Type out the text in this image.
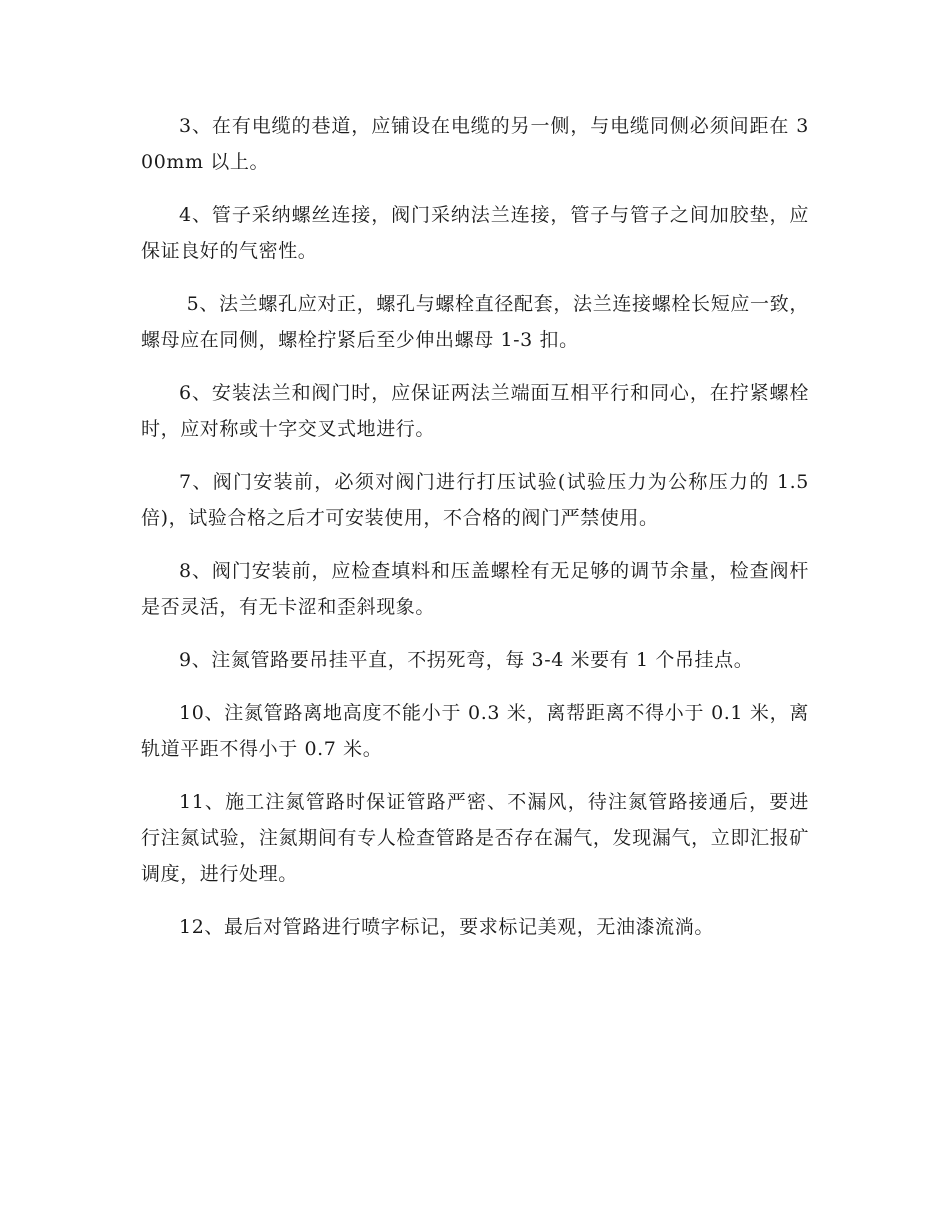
3、在有电缆的巷道，应铺设在电缆的另一侧，与电缆同侧必须间距在 300mm 以上。

4、管子采纳螺丝连接，阀门采纳法兰连接，管子与管子之间加胶垫，应保证良好的气密性。

5、法兰螺孔应对正，螺孔与螺栓直径配套，法兰连接螺栓长短应一致，螺母应在同侧，螺栓拧紧后至少伸出螺母 1-3 扣。

6、安装法兰和阀门时，应保证两法兰端面互相平行和同心，在拧紧螺栓时，应对称或十字交叉式地进行。

7、阀门安装前，必须对阀门进行打压试验(试验压力为公称压力的 1.5 倍)，试验合格之后才可安装使用，不合格的阀门严禁使用。

8、阀门安装前，应检查填料和压盖螺栓有无足够的调节余量，检查阀杆是否灵活，有无卡涩和歪斜现象。

9、注氮管路要吊挂平直，不拐死弯，每 3-4 米要有 1 个吊挂点。

10、注氮管路离地高度不能小于 0.3 米，离帮距离不得小于 0.1 米，离轨道平距不得小于 0.7 米。

11、施工注氮管路时保证管路严密、不漏风，待注氮管路接通后，要进行注氮试验，注氮期间有专人检查管路是否存在漏气，发现漏气，立即汇报矿调度，进行处理。

12、最后对管路进行喷字标记，要求标记美观，无油漆流淌。
